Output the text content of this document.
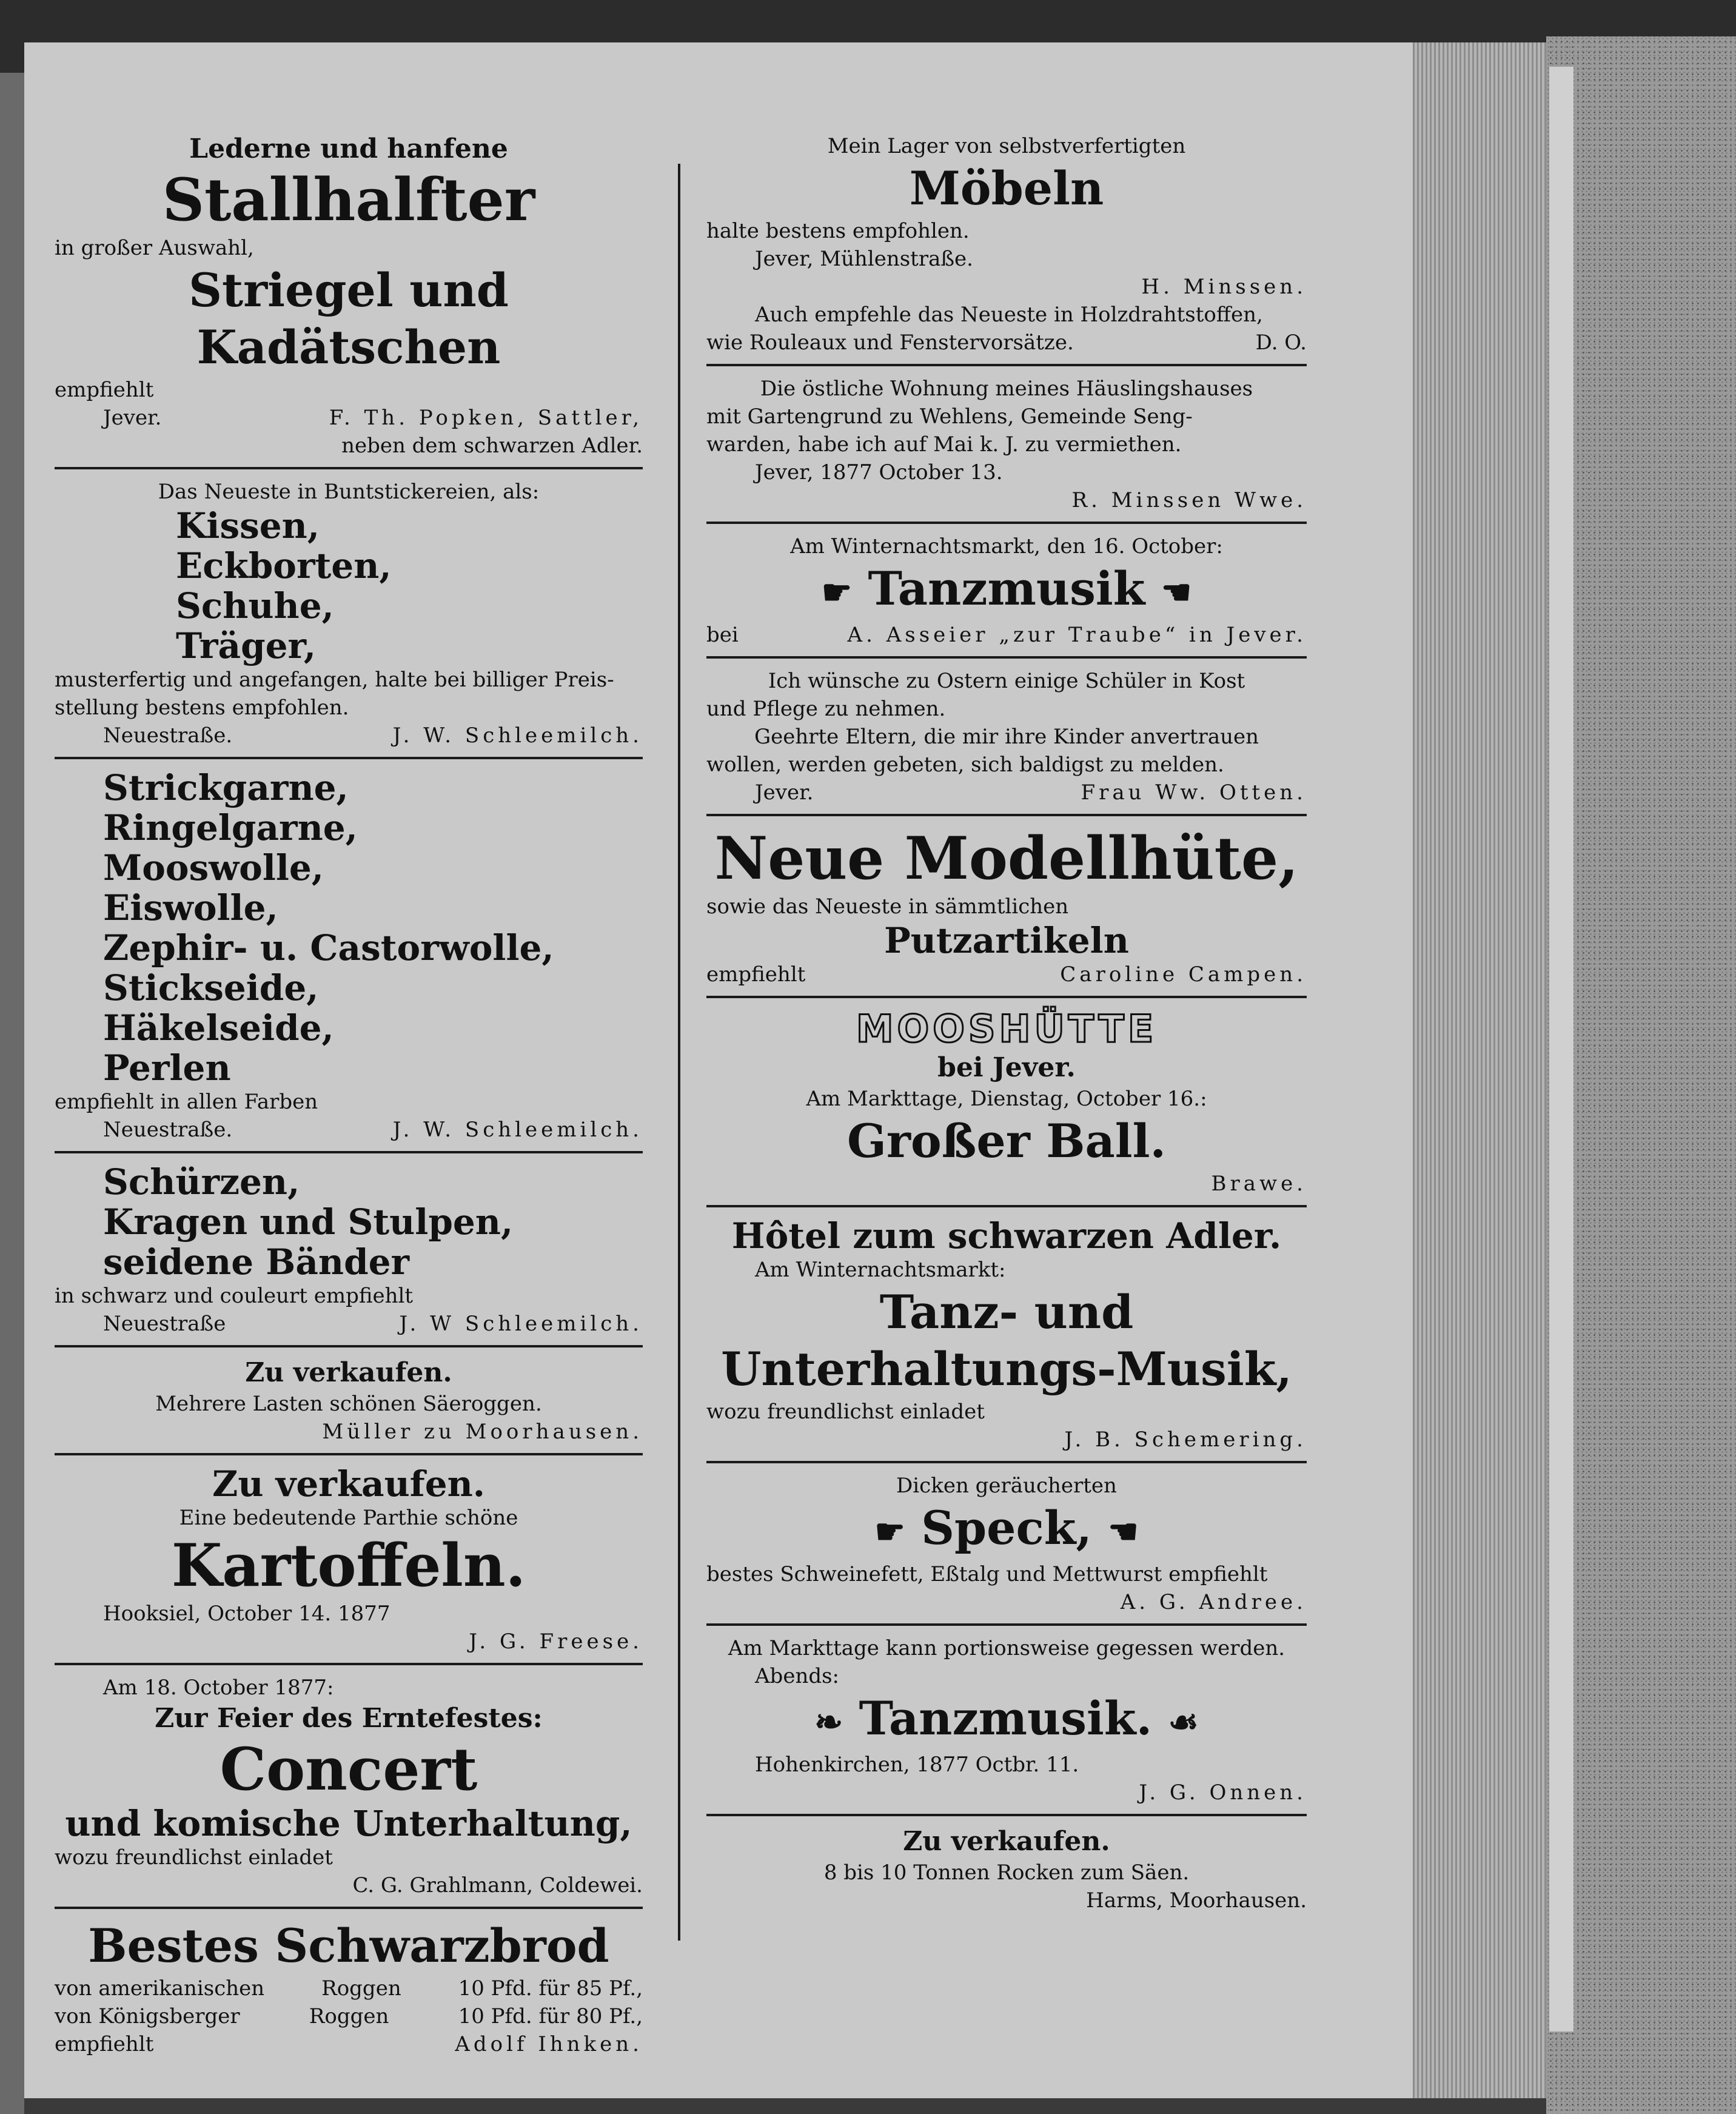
Lederne und hanfene
Stallhalfter
in großer Auswahl,
Striegel und Kadätschen
empfiehlt
Jever.	F. Th. Popken, Sattler,
neben dem schwarzen Adler.
Das Neueste in Buntstickereien, als:
Kissen,
Eckborten,
Schuhe,
Träger,
musterfertig und angefangen, halte bei billiger Preis-
stellung bestens empfohlen.
Neuestraße.	J. W. Schleemilch.
Strickgarne,
Ringelgarne,
Mooswolle,
Eiswolle,
Zephir- u. Castorwolle,
Stickseide,
Häkelseide,
Perlen
empfiehlt in allen Farben
Neuestraße.	J. W. Schleemilch.
Schürzen,
Kragen und Stulpen,
seidene Bänder
in schwarz und couleurt empfiehlt
Neuestraße	J. W Schleemilch.
Zu verkaufen.
Mehrere Lasten schönen Säeroggen.
Müller zu Moorhausen.
Zu verkaufen.
Eine bedeutende Parthie schöne
Kartoffeln.
Hooksiel, October 14. 1877
J. G. Freese.
Am 18. October 1877:
Zur Feier des Erntefestes:
Concert
und komische Unterhaltung,
wozu freundlichst einladet
C. G. Grahlmann, Coldewei.
Bestes Schwarzbrod
von amerikanischen	Roggen	10 Pfd. für 85 Pf.,
von Königsberger	Roggen	10 Pfd. für 80 Pf.,
empfiehlt	Adolf Ihnken.
Mein Lager von selbstverfertigten
Möbeln
halte bestens empfohlen.
Jever, Mühlenstraße.
H. Minssen.
Auch empfehle das Neueste in Holzdrahtstoffen,
wie Rouleaux und Fenstervorsätze.	D. O.
Die östliche Wohnung meines Häuslingshauses
mit Gartengrund zu Wehlens, Gemeinde Seng-
warden, habe ich auf Mai k. J. zu vermiethen.
Jever, 1877 October 13.
R. Minssen Wwe.
Am Winternachtsmarkt, den 16. October:
☛ Tanzmusik ☚
bei	A. Asseier „zur Traube“ in Jever.
Ich wünsche zu Ostern einige Schüler in Kost
und Pflege zu nehmen.
Geehrte Eltern, die mir ihre Kinder anvertrauen
wollen, werden gebeten, sich baldigst zu melden.
Jever.	Frau Ww. Otten.
Neue Modellhüte,
sowie das Neueste in sämmtlichen
Putzartikeln
empfiehlt	Caroline Campen.
MOOSHÜTTE
bei Jever.
Am Markttage, Dienstag, October 16.:
Großer Ball.
Brawe.
Hôtel zum schwarzen Adler.
Am Winternachtsmarkt:
Tanz- und
Unterhaltungs-Musik,
wozu freundlichst einladet
J. B. Schemering.
Dicken geräucherten
☛ Speck, ☚
bestes Schweinefett, Eßtalg und Mettwurst empfiehlt
A. G. Andree.
Am Markttage kann portionsweise gegessen werden.
Abends:
❧ Tanzmusik. ☙
Hohenkirchen, 1877 Octbr. 11.
J. G. Onnen.
Zu verkaufen.
8 bis 10 Tonnen Rocken zum Säen.
Harms, Moorhausen.
